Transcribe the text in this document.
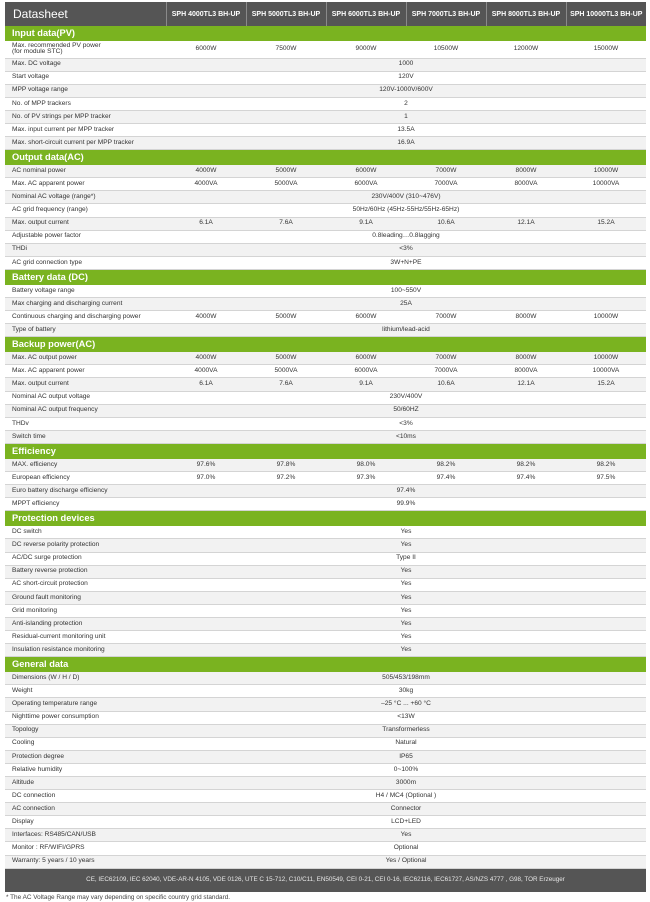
Datasheet	SPH 4000TL3 BH-UP	SPH 5000TL3 BH-UP	SPH 6000TL3 BH-UP	SPH 7000TL3 BH-UP	SPH 8000TL3 BH-UP	SPH 10000TL3 BH-UP
Input data(PV)						
Max. recommended PV power
(for module STC)	6000W	7500W	9000W	10500W	12000W	15000W
Max. DC voltage	1000					
Start voltage	120V					
MPP voltage range	120V-1000V/600V					
No. of MPP trackers	2					
No. of PV strings per MPP tracker	1					
Max. input current per MPP tracker	13.5A					
Max. short-circuit current per MPP tracker	16.9A					
Output data(AC)						
AC nominal power	4000W	5000W	6000W	7000W	8000W	10000W
Max. AC apparent power	4000VA	5000VA	6000VA	7000VA	8000VA	10000VA
Nominal AC voltage (range*)	230V/400V (310~476V)					
AC grid frequency (range)	50Hz/60Hz (45Hz-55Hz/55Hz-65Hz)					
Max. output current	6.1A	7.6A	9.1A	10.6A	12.1A	15.2A
Adjustable power factor	0.8leading…0.8lagging					
THDi	<3%					
AC grid connection type	3W+N+PE					
Battery data (DC)						
Battery voltage range	100~550V					
Max charging and discharging current	25A					
Continuous charging and discharging power	4000W	5000W	6000W	7000W	8000W	10000W
Type of battery	lithium/lead-acid					
Backup power(AC)						
Max. AC output power	4000W	5000W	6000W	7000W	8000W	10000W
Max. AC apparent power	4000VA	5000VA	6000VA	7000VA	8000VA	10000VA
Max. output current	6.1A	7.6A	9.1A	10.6A	12.1A	15.2A
Nominal AC output voltage	230V/400V					
Nominal AC output frequency	50/60HZ					
THDv	<3%					
Switch time	<10ms					
Efficiency						
MAX. efficiency	97.6%	97.8%	98.0%	98.2%	98.2%	98.2%
European efficiency	97.0%	97.2%	97.3%	97.4%	97.4%	97.5%
Euro battery discharge efficiency	97.4%					
MPPT efficiency	99.9%					
Protection devices						
DC switch	Yes					
DC reverse polarity protection	Yes					
AC/DC surge protection	Type II					
Battery reverse protection	Yes					
AC short-circuit protection	Yes					
Ground fault monitoring	Yes					
Grid monitoring	Yes					
Anti-islanding protection	Yes					
Residual-current monitoring unit	Yes					
Insulation resistance monitoring	Yes					
General data						
Dimensions (W / H / D)	505/453/198mm					
Weight	30kg					
Operating temperature range	–25 °C ... +60 °C					
Nighttime power consumption	<13W					
Topology	Transformerless					
Cooling	Natural					
Protection degree	IP65					
Relative humidity	0~100%					
Altitude	3000m					
DC connection	H4 / MC4 (Optional )					
AC connection	Connector					
Display	LCD+LED					
Interfaces: RS485/CAN/USB	Yes					
Monitor : RF/WIFI/GPRS	Optional					
Warranty: 5 years / 10 years	Yes / Optional					
CE, IEC62109, IEC 62040, VDE-AR-N 4105, VDE 0126, UTE C 15-712, C10/C11, EN50549, CEI 0-21, CEI 0-16, IEC62116, IEC61727, AS/NZS 4777 , G98, TOR Erzeuger						
* The AC Voltage Range may vary depending on specific country grid standard.
